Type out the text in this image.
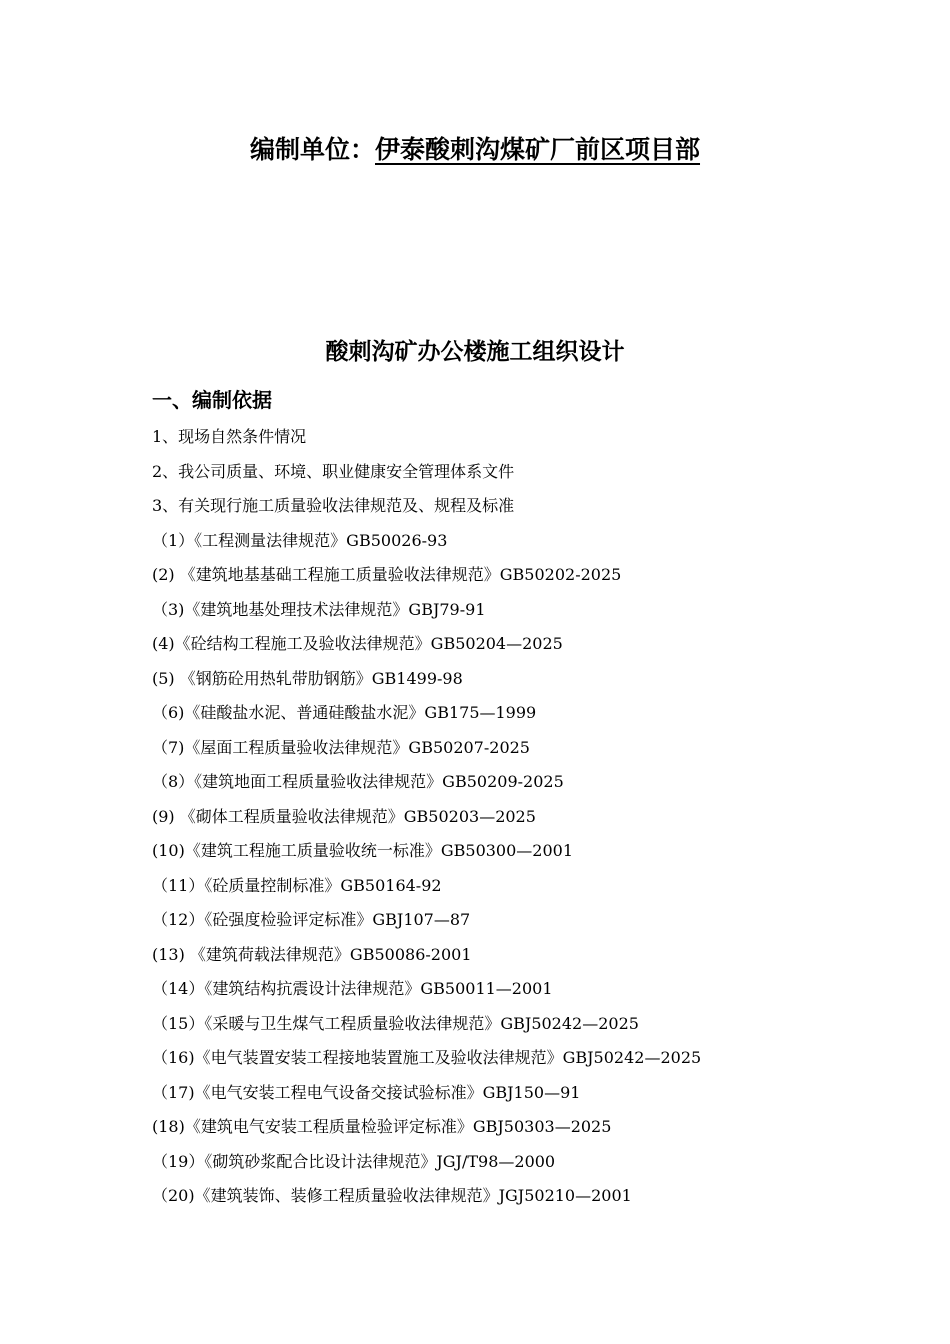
编制单位：伊泰酸刺沟煤矿厂前区项目部
酸刺沟矿办公楼施工组织设计
一、编制依据
1、现场自然条件情况
2、我公司质量、环境、职业健康安全管理体系文件
3、有关现行施工质量验收法律规范及、规程及标准
（1）《工程测量法律规范》GB50026-93
(2) 《建筑地基基础工程施工质量验收法律规范》GB50202-2025
（3)《建筑地基处理技术法律规范》GBJ79-91
(4)《砼结构工程施工及验收法律规范》GB50204—2025
(5) 《钢筋砼用热轧带肋钢筋》GB1499-98
（6)《硅酸盐水泥、普通硅酸盐水泥》GB175—1999
（7)《屋面工程质量验收法律规范》GB50207-2025
（8）《建筑地面工程质量验收法律规范》GB50209-2025
(9) 《砌体工程质量验收法律规范》GB50203—2025
(10)《建筑工程施工质量验收统一标准》GB50300—2001
（11）《砼质量控制标准》GB50164-92
（12）《砼强度检验评定标准》GBJ107—87
(13) 《建筑荷载法律规范》GB50086-2001
（14）《建筑结构抗震设计法律规范》GB50011—2001
（15）《采暖与卫生煤气工程质量验收法律规范》GBJ50242—2025
（16)《电气装置安装工程接地装置施工及验收法律规范》GBJ50242—2025
（17)《电气安装工程电气设备交接试验标准》GBJ150—91
(18)《建筑电气安装工程质量检验评定标准》GBJ50303—2025
（19）《砌筑砂浆配合比设计法律规范》JGJ/T98—2000
（20)《建筑装饰、装修工程质量验收法律规范》JGJ50210—2001
